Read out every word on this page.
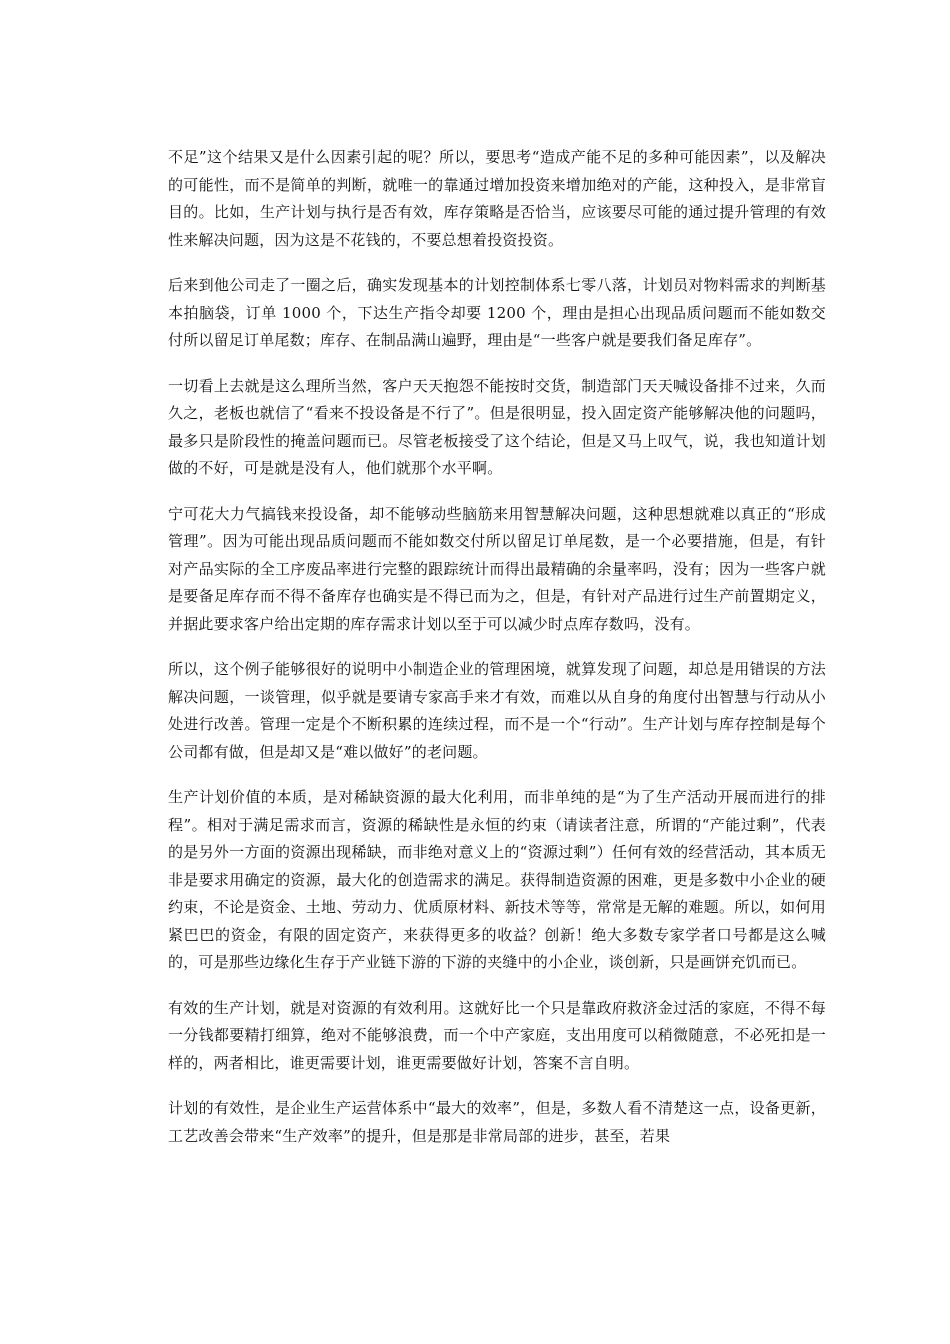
不足”这个结果又是什么因素引起的呢？所以，要思考“造成产能不足的多种可能因素”，以及解决的可能性，而不是简单的判断，就唯一的靠通过增加投资来增加绝对的产能，这种投入，是非常盲目的。比如，生产计划与执行是否有效，库存策略是否恰当，应该要尽可能的通过提升管理的有效性来解决问题，因为这是不花钱的，不要总想着投资投资。

后来到他公司走了一圈之后，确实发现基本的计划控制体系七零八落，计划员对物料需求的判断基本拍脑袋，订单 1000 个，下达生产指令却要 1200 个，理由是担心出现品质问题而不能如数交付所以留足订单尾数；库存、在制品满山遍野，理由是“一些客户就是要我们备足库存”。

一切看上去就是这么理所当然，客户天天抱怨不能按时交货，制造部门天天喊设备排不过来，久而久之，老板也就信了“看来不投设备是不行了”。但是很明显，投入固定资产能够解决他的问题吗，最多只是阶段性的掩盖问题而已。尽管老板接受了这个结论，但是又马上叹气，说，我也知道计划做的不好，可是就是没有人，他们就那个水平啊。

宁可花大力气搞钱来投设备，却不能够动些脑筋来用智慧解决问题，这种思想就难以真正的“形成管理”。因为可能出现品质问题而不能如数交付所以留足订单尾数，是一个必要措施，但是，有针对产品实际的全工序废品率进行完整的跟踪统计而得出最精确的余量率吗，没有；因为一些客户就是要备足库存而不得不备库存也确实是不得已而为之，但是，有针对产品进行过生产前置期定义，并据此要求客户给出定期的库存需求计划以至于可以减少时点库存数吗，没有。

所以，这个例子能够很好的说明中小制造企业的管理困境，就算发现了问题，却总是用错误的方法解决问题，一谈管理，似乎就是要请专家高手来才有效，而难以从自身的角度付出智慧与行动从小处进行改善。管理一定是个不断积累的连续过程，而不是一个“行动”。生产计划与库存控制是每个公司都有做，但是却又是“难以做好”的老问题。

生产计划价值的本质，是对稀缺资源的最大化利用，而非单纯的是“为了生产活动开展而进行的排程”。相对于满足需求而言，资源的稀缺性是永恒的约束（请读者注意，所谓的“产能过剩”，代表的是另外一方面的资源出现稀缺，而非绝对意义上的“资源过剩”）任何有效的经营活动，其本质无非是要求用确定的资源，最大化的创造需求的满足。获得制造资源的困难，更是多数中小企业的硬约束，不论是资金、土地、劳动力、优质原材料、新技术等等，常常是无解的难题。所以，如何用紧巴巴的资金，有限的固定资产，来获得更多的收益？创新！绝大多数专家学者口号都是这么喊的，可是那些边缘化生存于产业链下游的下游的夹缝中的小企业，谈创新，只是画饼充饥而已。

有效的生产计划，就是对资源的有效利用。这就好比一个只是靠政府救济金过活的家庭，不得不每一分钱都要精打细算，绝对不能够浪费，而一个中产家庭，支出用度可以稍微随意，不必死扣是一样的，两者相比，谁更需要计划，谁更需要做好计划，答案不言自明。

计划的有效性，是企业生产运营体系中“最大的效率”，但是，多数人看不清楚这一点，设备更新，工艺改善会带来“生产效率”的提升，但是那是非常局部的进步，甚至，若果
